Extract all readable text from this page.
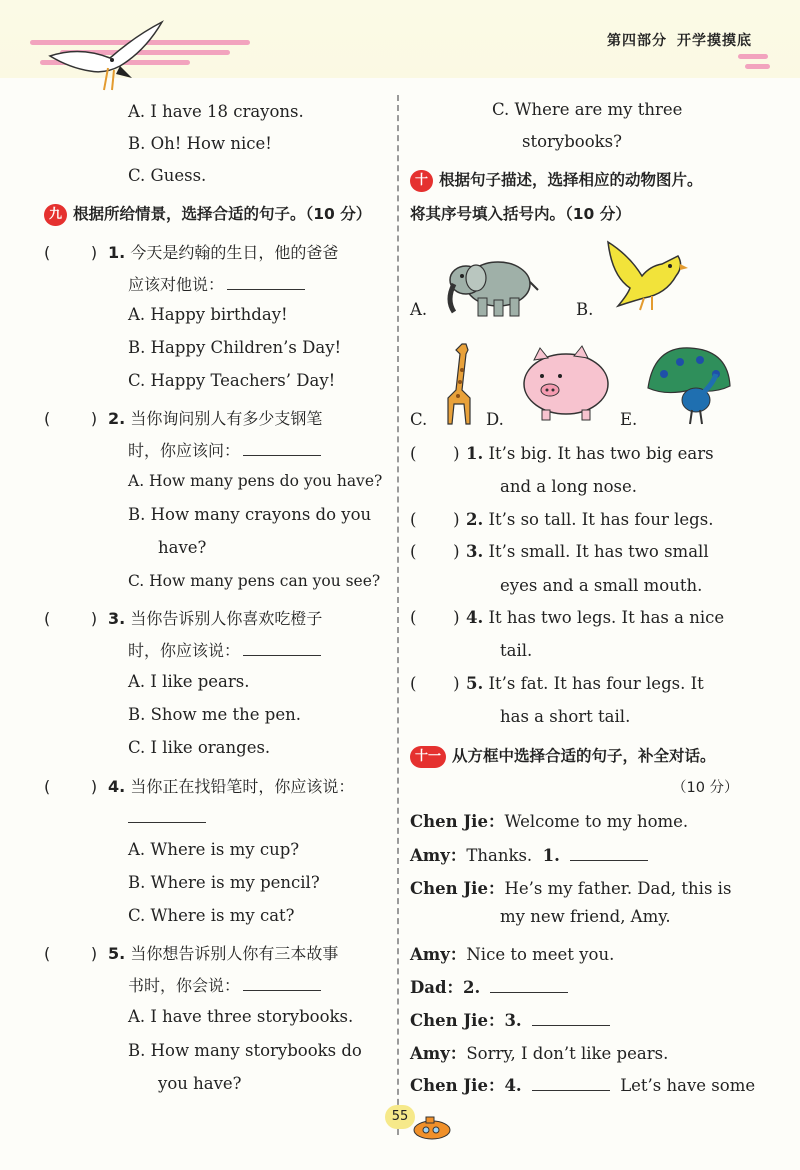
第四部分 开学摸摸底
A. I have 18 crayons.
B. Oh! How nice!
C. Guess.
九 根据所给情景，选择合适的句子。（10 分）
(        ) 1. 今天是约翰的生日，他的爸爸
应该对他说：
A. Happy birthday!
B. Happy Children’s Day!
C. Happy Teachers’ Day!
(        ) 2. 当你询问别人有多少支钢笔
时，你应该问：
A. How many pens do you have?
B. How many crayons do you
have?
C. How many pens can you see?
(        ) 3. 当你告诉别人你喜欢吃橙子
时，你应该说：
A. I like pears.
B. Show me the pen.
C. I like oranges.
(        ) 4. 当你正在找铅笔时，你应该说：
A. Where is my cup?
B. Where is my pencil?
C. Where is my cat?
(        ) 5. 当你想告诉别人你有三本故事
书时，你会说：
A. I have three storybooks.
B. How many storybooks do
you have?
C. Where are my three
storybooks?
十 根据句子描述，选择相应的动物图片。
将其序号填入括号内。（10 分）
A.	B.
C.	D.	E.
(       ) 1. It’s big. It has two big ears
and a long nose.
(       ) 2. It’s so tall. It has four legs.
(       ) 3. It’s small. It has two small
eyes and a small mouth.
(       ) 4. It has two legs. It has a nice
tail.
(       ) 5. It’s fat. It has four legs. It
has a short tail.
十一 从方框中选择合适的句子，补全对话。
（10 分）
Chen Jie：Welcome to my home.
Amy：Thanks. 1.
Chen Jie：He’s my father. Dad, this is
my new friend, Amy.
Amy：Nice to meet you.
Dad：2.
Chen Jie：3.
Amy：Sorry, I don’t like pears.
Chen Jie：4.	Let’s have some
55
